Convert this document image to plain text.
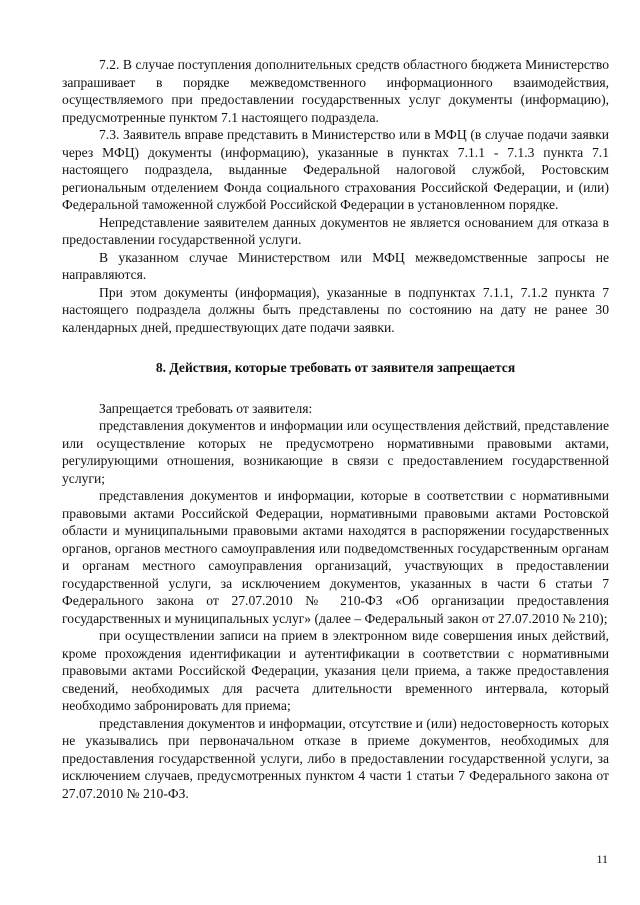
7.2. В случае поступления дополнительных средств областного бюджета Министерство запрашивает в порядке межведомственного информационного взаимодействия, осуществляемого при предоставлении государственных услуг документы (информацию), предусмотренные пунктом 7.1 настоящего подраздела.

7.3. Заявитель вправе представить в Министерство или в МФЦ (в случае подачи заявки через МФЦ) документы (информацию), указанные в пунктах 7.1.1 - 7.1.3 пункта 7.1 настоящего подраздела, выданные Федеральной налоговой службой, Ростовским региональным отделением Фонда социального страхования Российской Федерации, и (или) Федеральной таможенной службой Российской Федерации в установленном порядке.

Непредставление заявителем данных документов не является основанием для отказа в предоставлении государственной услуги.

В указанном случае Министерством или МФЦ межведомственные запросы не направляются.

При этом документы (информация), указанные в подпунктах 7.1.1, 7.1.2 пункта 7 настоящего подраздела должны быть представлены по состоянию на дату не ранее 30 календарных дней, предшествующих дате подачи заявки.

8. Действия, которые требовать от заявителя запрещается

Запрещается требовать от заявителя:

представления документов и информации или осуществления действий, представление или осуществление которых не предусмотрено нормативными правовыми актами, регулирующими отношения, возникающие в связи с предоставлением государственной услуги;

представления документов и информации, которые в соответствии с нормативными правовыми актами Российской Федерации, нормативными правовыми актами Ростовской области и муниципальными правовыми актами находятся в распоряжении государственных органов, органов местного самоуправления или подведомственных государственным органам и органам местного самоуправления организаций, участвующих в предоставлении государственной услуги, за исключением документов, указанных в части 6 статьи 7 Федерального закона от 27.07.2010 № 210-ФЗ «Об организации предоставления государственных и муниципальных услуг» (далее – Федеральный закон от 27.07.2010 № 210);

при осуществлении записи на прием в электронном виде совершения иных действий, кроме прохождения идентификации и аутентификации в соответствии с нормативными правовыми актами Российской Федерации, указания цели приема, а также предоставления сведений, необходимых для расчета длительности временного интервала, который необходимо забронировать для приема;

представления документов и информации, отсутствие и (или) недостоверность которых не указывались при первоначальном отказе в приеме документов, необходимых для предоставления государственной услуги, либо в предоставлении государственной услуги, за исключением случаев, предусмотренных пунктом 4 части 1 статьи 7 Федерального закона от 27.07.2010 № 210-ФЗ.

11
